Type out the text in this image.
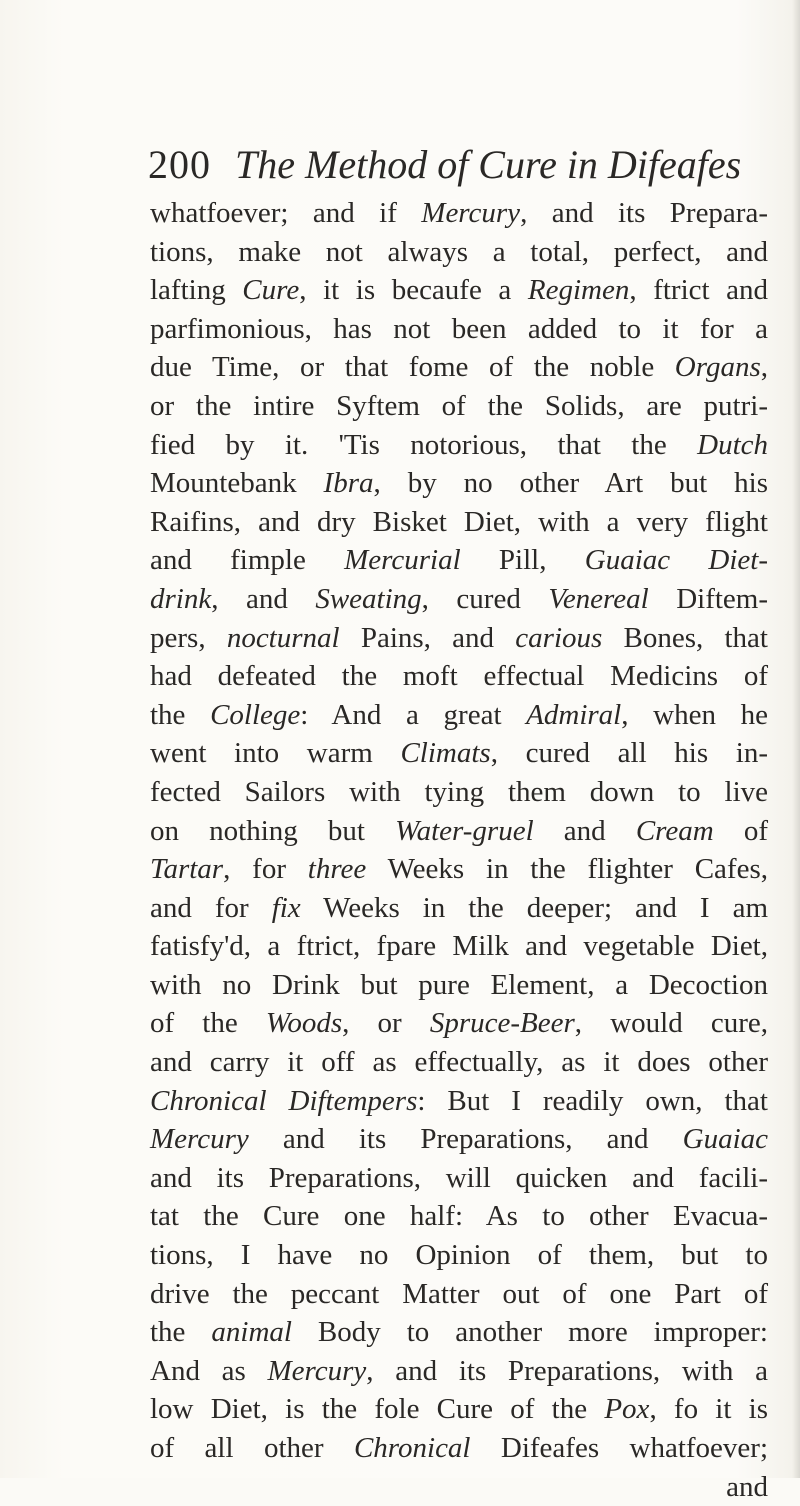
200 The Method of Cure in Difeafes
whatfoever; and if Mercury, and its Prepara-
tions, make not always a total, perfect, and
lafting Cure, it is becaufe a Regimen, ftrict and
parfimonious, has not been added to it for a
due Time, or that fome of the noble Organs,
or the intire Syftem of the Solids, are putri-
fied by it. 'Tis notorious, that the Dutch
Mountebank Ibra, by no other Art but his
Raifins, and dry Bisket Diet, with a very flight
and fimple Mercurial Pill, Guaiac Diet-
drink, and Sweating, cured Venereal Diftem-
pers, nocturnal Pains, and carious Bones, that
had defeated the moft effectual Medicins of
the College: And a great Admiral, when he
went into warm Climats, cured all his in-
fected Sailors with tying them down to live
on nothing but Water-gruel and Cream of
Tartar, for three Weeks in the flighter Cafes,
and for fix Weeks in the deeper; and I am
fatisfy'd, a ftrict, fpare Milk and vegetable Diet,
with no Drink but pure Element, a Decoction
of the Woods, or Spruce-Beer, would cure,
and carry it off as effectually, as it does other
Chronical Diftempers: But I readily own, that
Mercury and its Preparations, and Guaiac
and its Preparations, will quicken and facili-
tat the Cure one half: As to other Evacua-
tions, I have no Opinion of them, but to
drive the peccant Matter out of one Part of
the animal Body to another more improper:
And as Mercury, and its Preparations, with a
low Diet, is the fole Cure of the Pox, fo it is
of all other Chronical Difeafes whatfoever;
and
